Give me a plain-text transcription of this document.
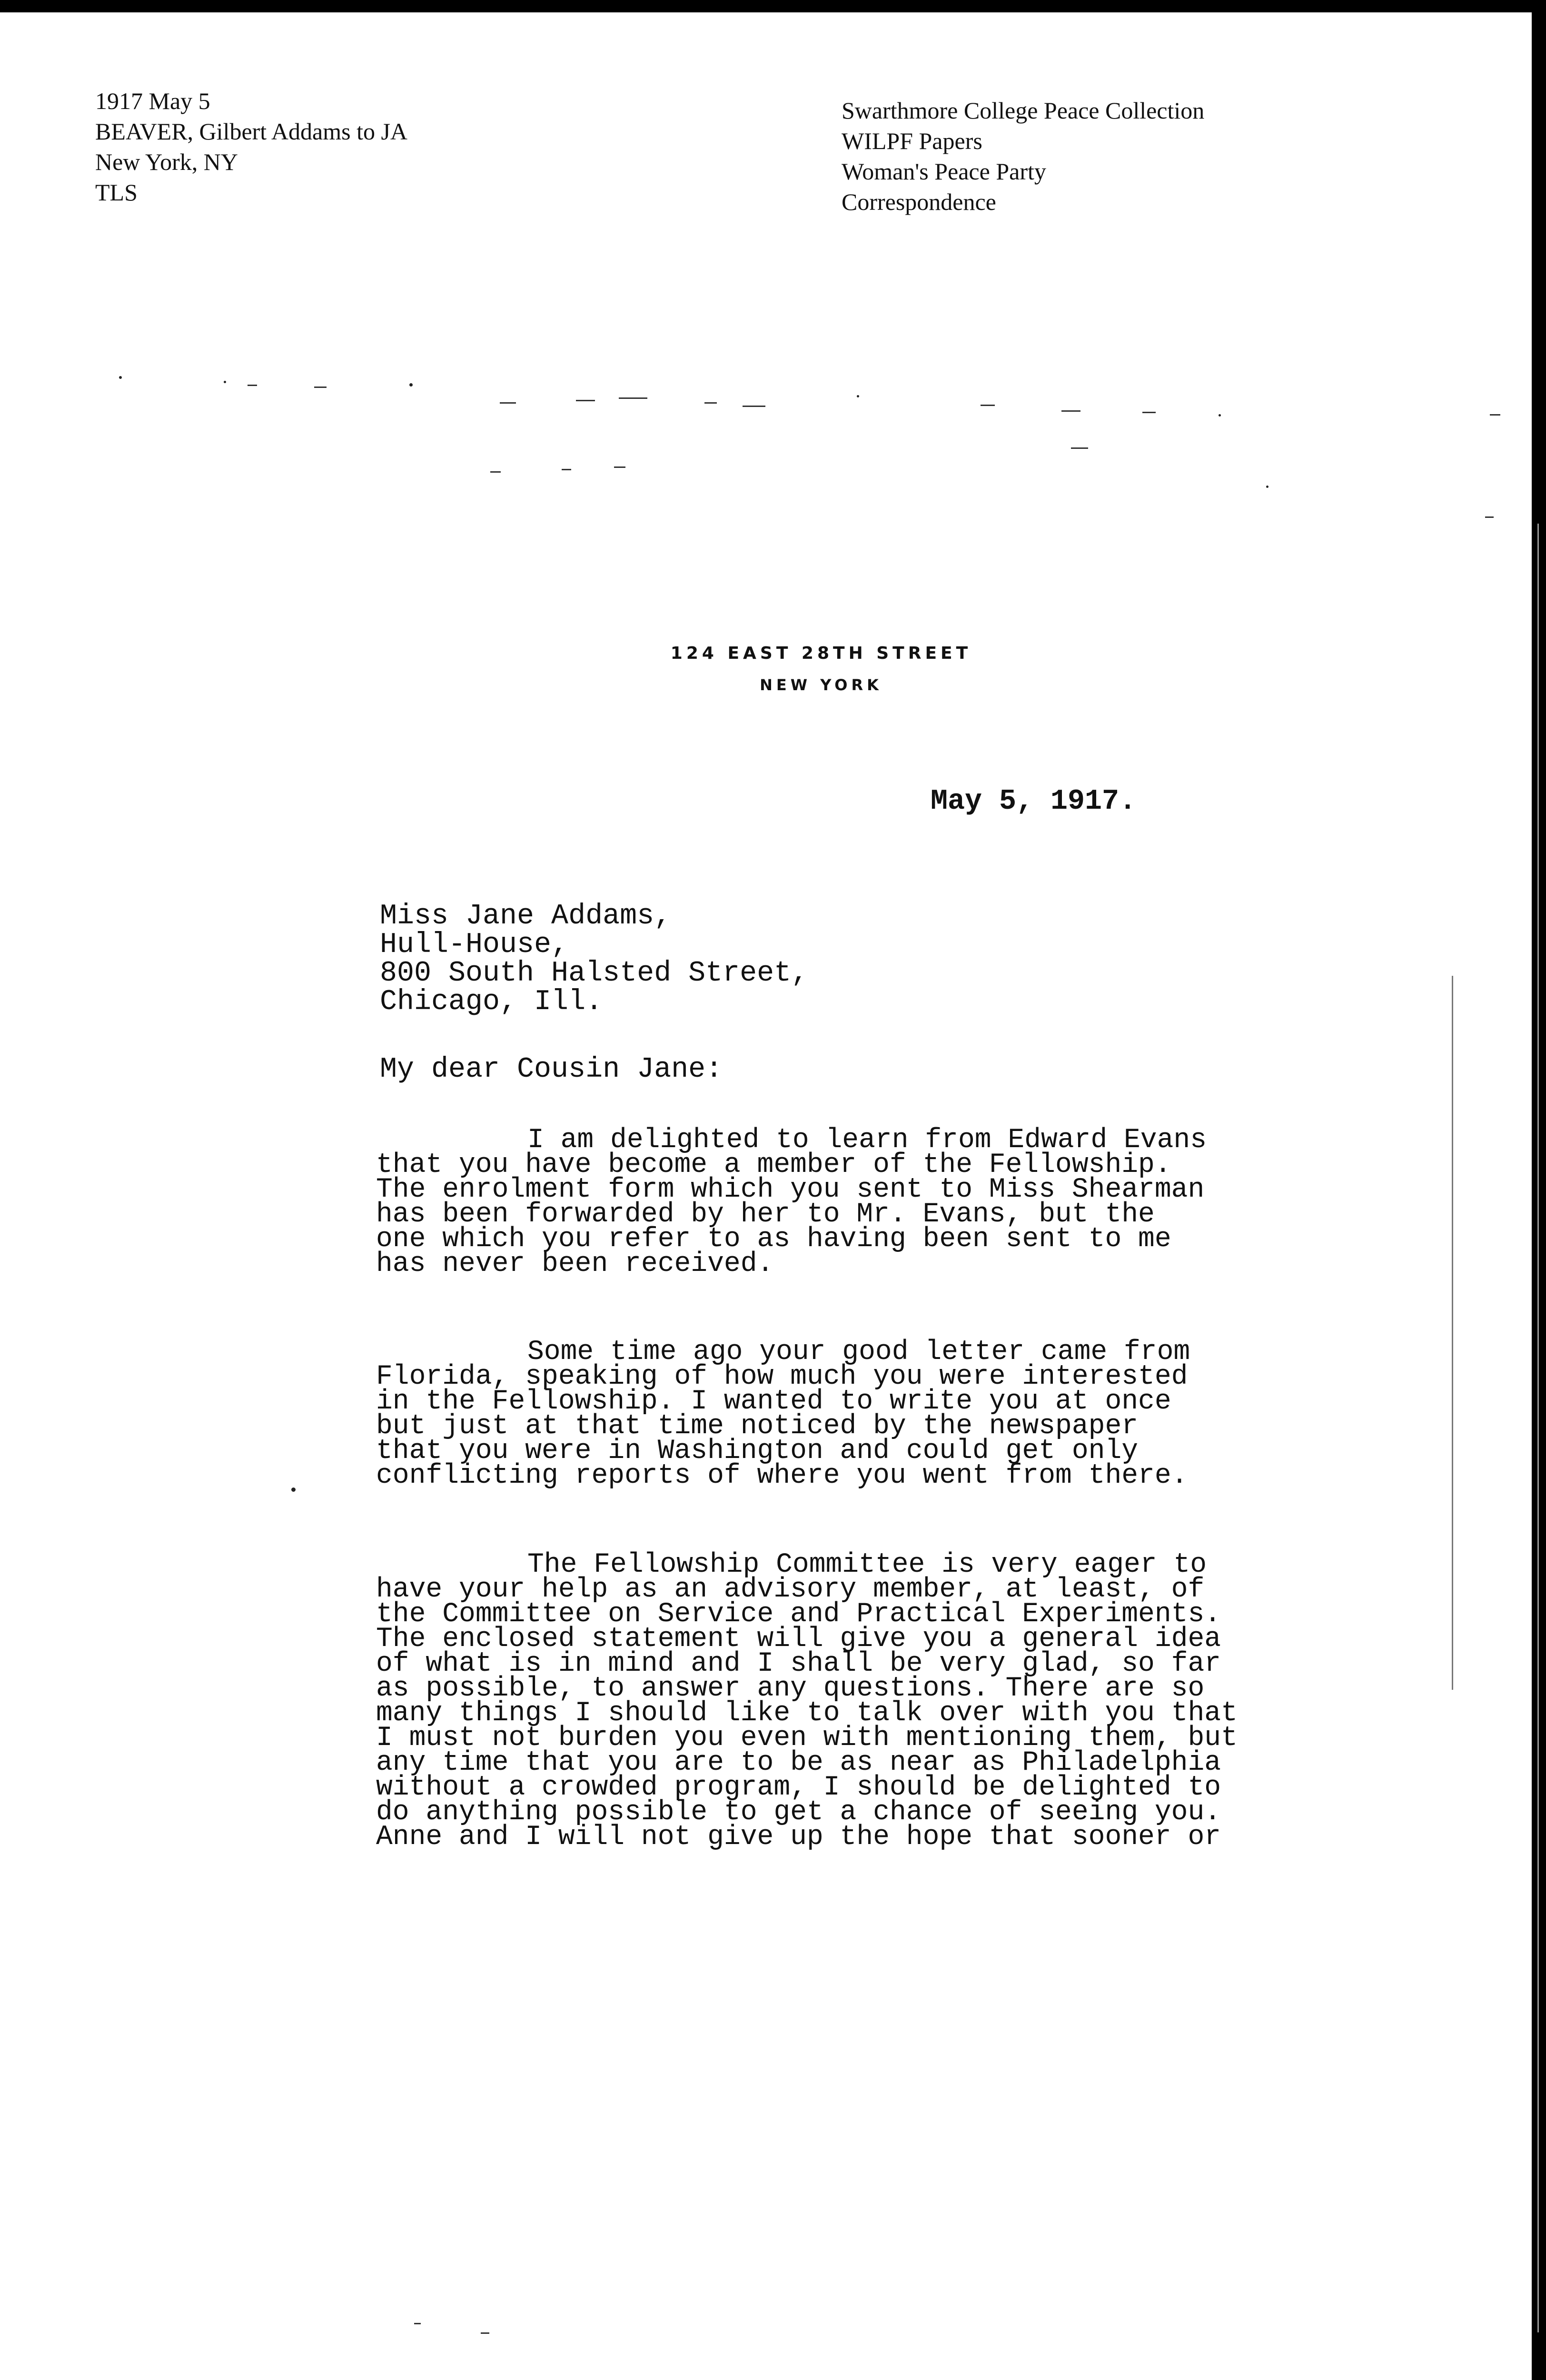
1917 May 5
BEAVER, Gilbert Addams to JA
New York, NY
TLS
Swarthmore College Peace Collection
WILPF Papers
Woman's Peace Party
Correspondence
124 EAST 28TH STREET
NEW YORK
May 5, 1917.
Miss Jane Addams,
Hull-House,
800 South Halsted Street,
Chicago, Ill.
My dear Cousin Jane:
I am delighted to learn from Edward Evans
that you have become a member of the Fellowship.
The enrolment form which you sent to Miss Shearman
has been forwarded by her to Mr. Evans, but the
one which you refer to as having been sent to me
has never been received.
Some time ago your good letter came from
Florida, speaking of how much you were interested
in the Fellowship. I wanted to write you at once
but just at that time noticed by the newspaper
that you were in Washington and could get only
conflicting reports of where you went from there.
The Fellowship Committee is very eager to
have your help as an advisory member, at least, of
the Committee on Service and Practical Experiments.
The enclosed statement will give you a general idea
of what is in mind and I shall be very glad, so far
as possible, to answer any questions. There are so
many things I should like to talk over with you that
I must not burden you even with mentioning them, but
any time that you are to be as near as Philadelphia
without a crowded program, I should be delighted to
do anything possible to get a chance of seeing you.
Anne and I will not give up the hope that sooner or
